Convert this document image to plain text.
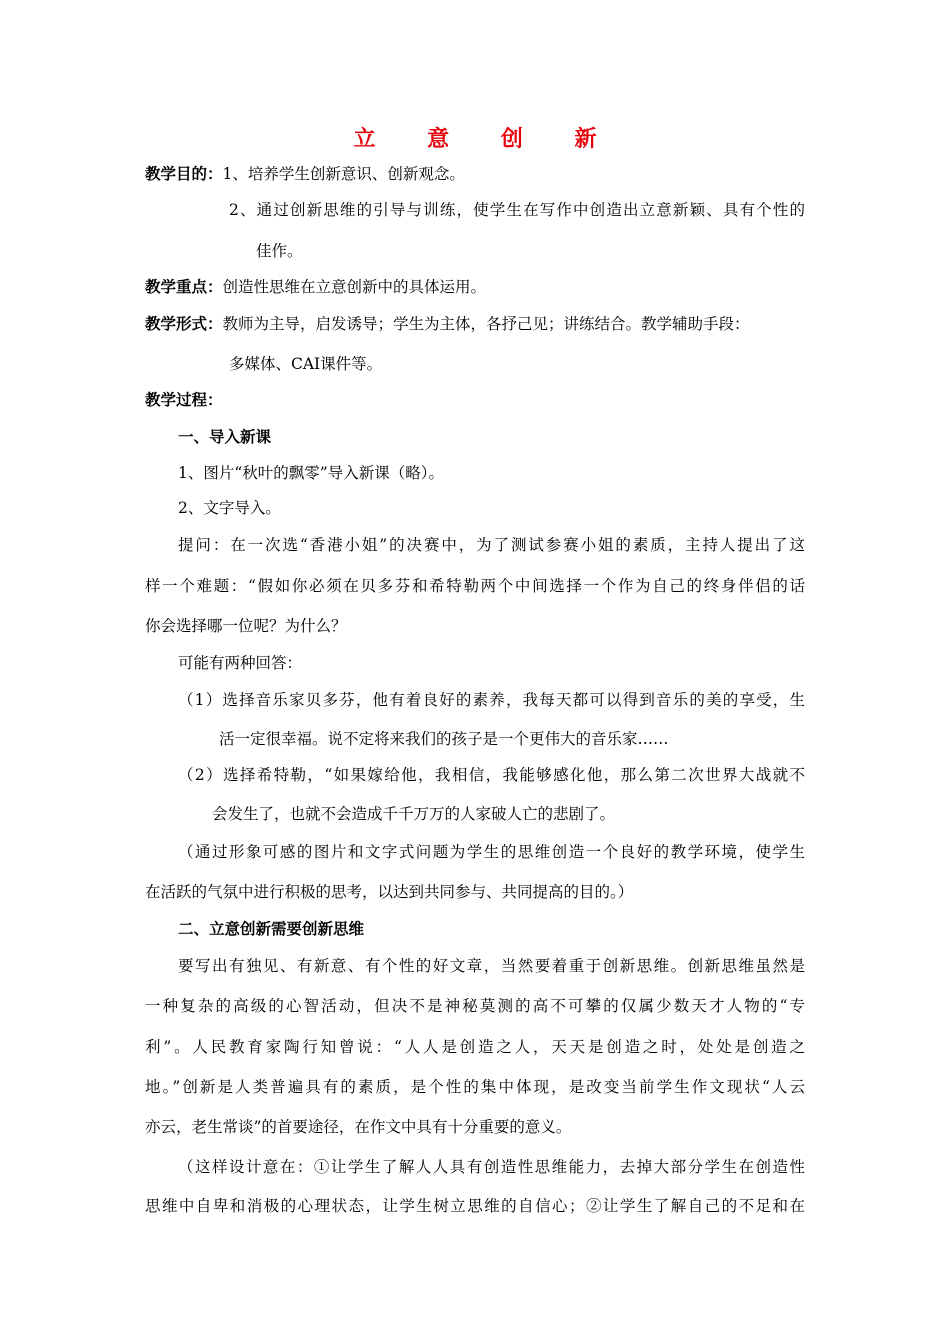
立 意 创 新
教学目的：1、培养学生创新意识、创新观念。
2、通过创新思维的引导与训练，使学生在写作中创造出立意新颖、具有个性的
佳作。
教学重点：创造性思维在立意创新中的具体运用。
教学形式：教师为主导，启发诱导；学生为主体，各抒己见；讲练结合。教学辅助手段：
多媒体、CAI课件等。
教学过程：
一、导入新课
1、图片“秋叶的飘零”导入新课（略）。
2、文字导入。
提问：在一次选“香港小姐”的决赛中，为了测试参赛小姐的素质，主持人提出了这
样一个难题：“假如你必须在贝多芬和希特勒两个中间选择一个作为自己的终身伴侣的话
你会选择哪一位呢？为什么？
可能有两种回答：
（1）选择音乐家贝多芬，他有着良好的素养，我每天都可以得到音乐的美的享受，生
活一定很幸福。说不定将来我们的孩子是一个更伟大的音乐家……
（2）选择希特勒，“如果嫁给他，我相信，我能够感化他，那么第二次世界大战就不
会发生了，也就不会造成千千万万的人家破人亡的悲剧了。
（通过形象可感的图片和文字式问题为学生的思维创造一个良好的教学环境，使学生
在活跃的气氛中进行积极的思考，以达到共同参与、共同提高的目的。）
二、立意创新需要创新思维
要写出有独见、有新意、有个性的好文章，当然要着重于创新思维。创新思维虽然是
一种复杂的高级的心智活动，但决不是神秘莫测的高不可攀的仅属少数天才人物的“专
利”。人民教育家陶行知曾说：“人人是创造之人，天天是创造之时，处处是创造之
地。”创新是人类普遍具有的素质，是个性的集中体现，是改变当前学生作文现状“人云
亦云，老生常谈”的首要途径，在作文中具有十分重要的意义。
（这样设计意在：①让学生了解人人具有创造性思维能力，去掉大部分学生在创造性
思维中自卑和消极的心理状态，让学生树立思维的自信心；②让学生了解自己的不足和在
